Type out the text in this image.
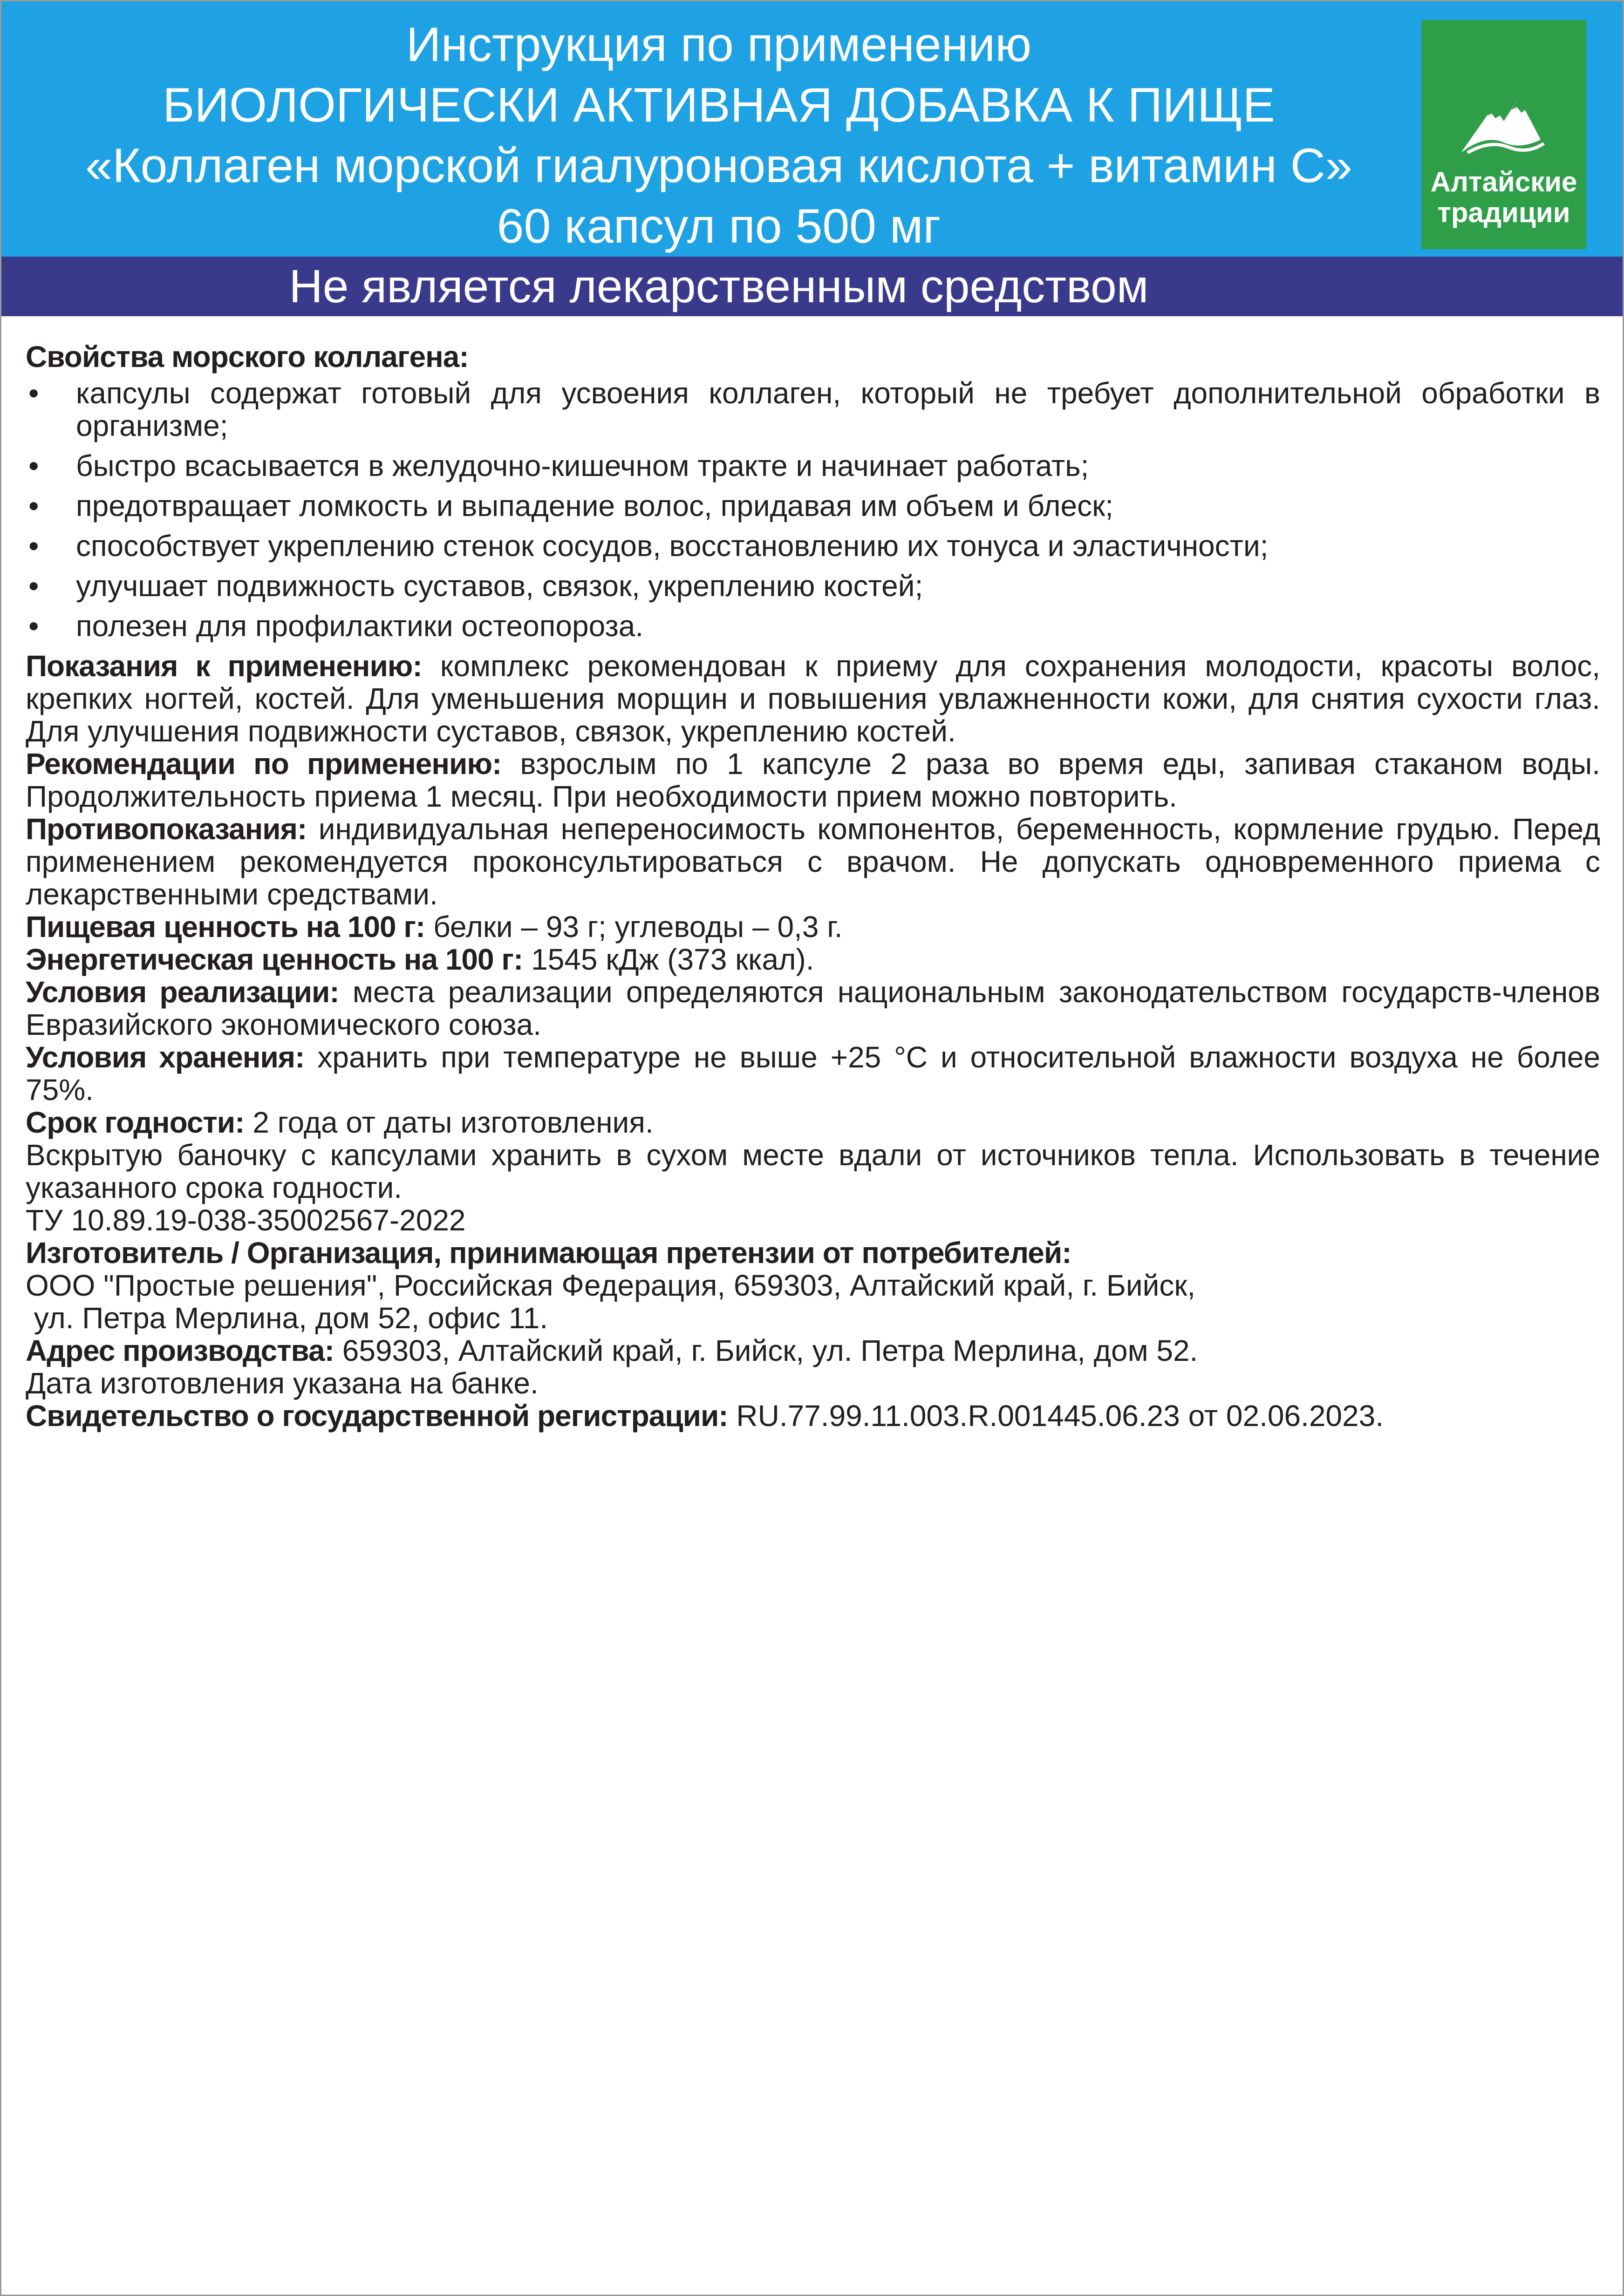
Инструкция по применению
БИОЛОГИЧЕСКИ АКТИВНАЯ ДОБАВКА К ПИЩЕ
«Коллаген морской гиалуроновая кислота + витамин С»
60 капсул по 500 мг
Не является лекарственным средством
Алтайские
традиции

Свойства морского коллагена:

• капсулы содержат готовый для усвоения коллаген, который не требует дополнительной обработки в организме;
• быстро всасывается в желудочно-кишечном тракте и начинает работать;
• предотвращает ломкость и выпадение волос, придавая им объем и блеск;
• способствует укреплению стенок сосудов, восстановлению их тонуса и эластичности;
• улучшает подвижность суставов, связок, укреплению костей;
• полезен для профилактики остеопороза.

Показания к применению: комплекс рекомендован к приему для сохранения молодости, красоты волос, крепких ногтей, костей. Для уменьшения морщин и повышения увлажненности кожи, для снятия сухости глаз. Для улучшения подвижности суставов, связок, укреплению костей.

Рекомендации по применению: взрослым по 1 капсуле 2 раза во время еды, запивая стаканом воды. Продолжительность приема 1 месяц. При необходимости прием можно повторить.

Противопоказания: индивидуальная непереносимость компонентов, беременность, кормление грудью. Перед применением рекомендуется проконсультироваться с врачом. Не допускать одновременного приема с лекарственными средствами.

Пищевая ценность на 100 г: белки – 93 г; углеводы – 0,3 г.

Энергетическая ценность на 100 г: 1545 кДж (373 ккал).

Условия реализации: места реализации определяются национальным законодательством государств-членов Евразийского экономического союза.

Условия хранения: хранить при температуре не выше +25 °С и относительной влажности воздуха не более 75%.

Срок годности: 2 года от даты изготовления.

Вскрытую баночку с капсулами хранить в сухом месте вдали от источников тепла. Использовать в течение указанного срока годности.

ТУ 10.89.19-038-35002567-2022

Изготовитель / Организация, принимающая претензии от потребителей:

ООО "Простые решения", Российская Федерация, 659303, Алтайский край, г. Бийск,

ул. Петра Мерлина, дом 52, офис 11.

Адрес производства: 659303, Алтайский край, г. Бийск, ул. Петра Мерлина, дом 52.

Дата изготовления указана на банке.

Свидетельство о государственной регистрации: RU.77.99.11.003.R.001445.06.23 от 02.06.2023.
